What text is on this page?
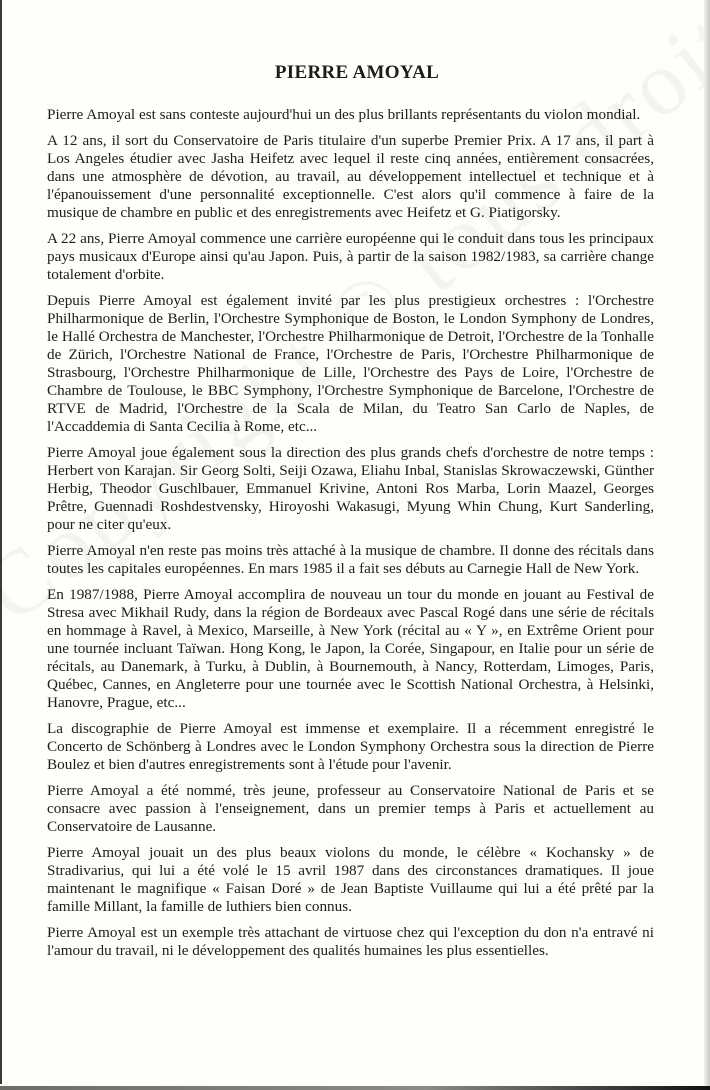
PIERRE AMOYAL

Pierre Amoyal est sans conteste aujourd'hui un des plus brillants représentants du violon mondial.

A 12 ans, il sort du Conservatoire de Paris titulaire d'un superbe Premier Prix. A 17 ans, il part à Los Angeles étudier avec Jasha Heifetz avec lequel il reste cinq années, entièrement consacrées, dans une atmosphère de dévotion, au travail, au développement intellectuel et technique et à l'épanouissement d'une personnalité exceptionnelle. C'est alors qu'il commence à faire de la musique de chambre en public et des enregistrements avec Heifetz et G. Piatigorsky.

A 22 ans, Pierre Amoyal commence une carrière européenne qui le conduit dans tous les principaux pays musicaux d'Europe ainsi qu'au Japon. Puis, à partir de la saison 1982/1983, sa carrière change totalement d'orbite.

Depuis Pierre Amoyal est également invité par les plus prestigieux orchestres : l'Orchestre Philharmonique de Berlin, l'Orchestre Symphonique de Boston, le London Symphony de Londres, le Hallé Orchestra de Manchester, l'Orchestre Philharmonique de Detroit, l'Orchestre de la Tonhalle de Zürich, l'Orchestre National de France, l'Orchestre de Paris, l'Orchestre Philharmonique de Strasbourg, l'Orchestre Philharmonique de Lille, l'Orchestre des Pays de Loire, l'Orchestre de Chambre de Toulouse, le BBC Symphony, l'Orchestre Symphonique de Barcelone, l'Orchestre de RTVE de Madrid, l'Orchestre de la Scala de Milan, du Teatro San Carlo de Naples, de l'Accaddemia di Santa Cecilia à Rome, etc...

Pierre Amoyal joue également sous la direction des plus grands chefs d'orchestre de notre temps : Herbert von Karajan. Sir Georg Solti, Seiji Ozawa, Eliahu Inbal, Stanislas Skrowaczewski, Günther Herbig, Theodor Guschlbauer, Emmanuel Krivine, Antoni Ros Marba, Lorin Maazel, Georges Prêtre, Guennadi Roshdestvensky, Hiroyoshi Wakasugi, Myung Whin Chung, Kurt Sanderling, pour ne citer qu'eux.

Pierre Amoyal n'en reste pas moins très attaché à la musique de chambre. Il donne des récitals dans toutes les capitales européennes. En mars 1985 il a fait ses débuts au Carnegie Hall de New York.

En 1987/1988, Pierre Amoyal accomplira de nouveau un tour du monde en jouant au Festival de Stresa avec Mikhail Rudy, dans la région de Bordeaux avec Pascal Rogé dans une série de récitals en hommage à Ravel, à Mexico, Marseille, à New York (récital au « Y », en Extrême Orient pour une tournée incluant Taïwan. Hong Kong, le Japon, la Corée, Singapour, en Italie pour un série de récitals, au Danemark, à Turku, à Dublin, à Bournemouth, à Nancy, Rotterdam, Limoges, Paris, Québec, Cannes, en Angleterre pour une tournée avec le Scottish National Orchestra, à Helsinki, Hanovre, Prague, etc...

La discographie de Pierre Amoyal est immense et exemplaire. Il a récemment enregistré le Concerto de Schönberg à Londres avec le London Symphony Orchestra sous la direction de Pierre Boulez et bien d'autres enregistrements sont à l'étude pour l'avenir.

Pierre Amoyal a été nommé, très jeune, professeur au Conservatoire National de Paris et se consacre avec passion à l'enseignement, dans un premier temps à Paris et actuellement au Conservatoire de Lausanne.

Pierre Amoyal jouait un des plus beaux violons du monde, le célèbre « Kochansky » de Stradivarius, qui lui a été volé le 15 avril 1987 dans des circonstances dramatiques. Il joue maintenant le magnifique « Faisan Doré » de Jean Baptiste Vuillaume qui lui a été prêté par la famille Millant, la famille de luthiers bien connus.

Pierre Amoyal est un exemple très attachant de virtuose chez qui l'exception du don n'a entravé ni l'amour du travail, ni le développement des qualités humaines les plus essentielles.
